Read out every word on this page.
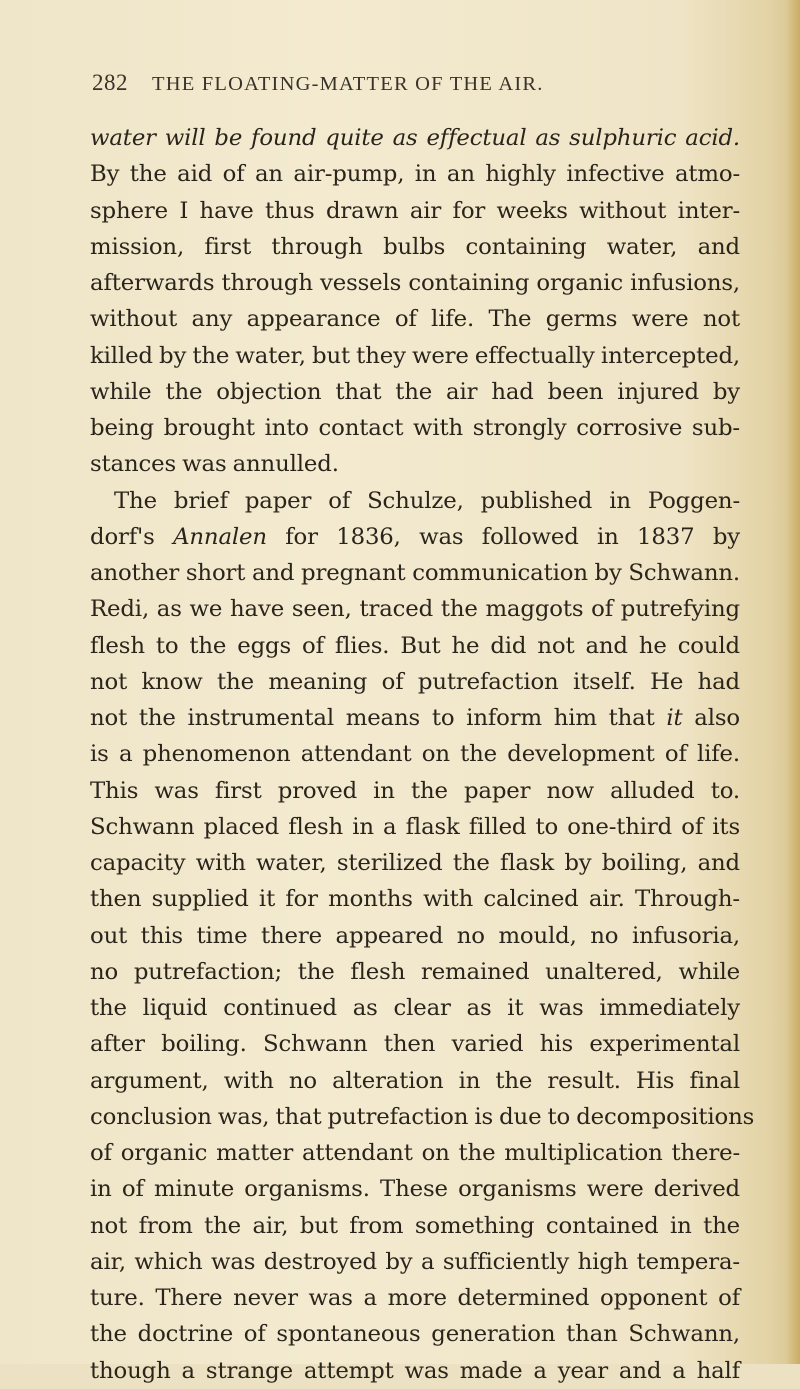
282 THE FLOATING-MATTER OF THE AIR.
water will be found quite as effectual as sulphuric acid.
By the aid of an air-pump, in an highly infective atmo-
sphere I have thus drawn air for weeks without inter-
mission, first through bulbs containing water, and
afterwards through vessels containing organic infusions,
without any appearance of life. The germs were not
killed by the water, but they were effectually intercepted,
while the objection that the air had been injured by
being brought into contact with strongly corrosive sub-
stances was annulled.
The brief paper of Schulze, published in Poggen-
dorf's Annalen for 1836, was followed in 1837 by
another short and pregnant communication by Schwann.
Redi, as we have seen, traced the maggots of putrefying
flesh to the eggs of flies. But he did not and he could
not know the meaning of putrefaction itself. He had
not the instrumental means to inform him that it also
is a phenomenon attendant on the development of life.
This was first proved in the paper now alluded to.
Schwann placed flesh in a flask filled to one-third of its
capacity with water, sterilized the flask by boiling, and
then supplied it for months with calcined air. Through-
out this time there appeared no mould, no infusoria,
no putrefaction; the flesh remained unaltered, while
the liquid continued as clear as it was immediately
after boiling. Schwann then varied his experimental
argument, with no alteration in the result. His final
conclusion was, that putrefaction is due to decompositions
of organic matter attendant on the multiplication there-
in of minute organisms. These organisms were derived
not from the air, but from something contained in the
air, which was destroyed by a sufficiently high tempera-
ture. There never was a more determined opponent of
the doctrine of spontaneous generation than Schwann,
though a strange attempt was made a year and a half
